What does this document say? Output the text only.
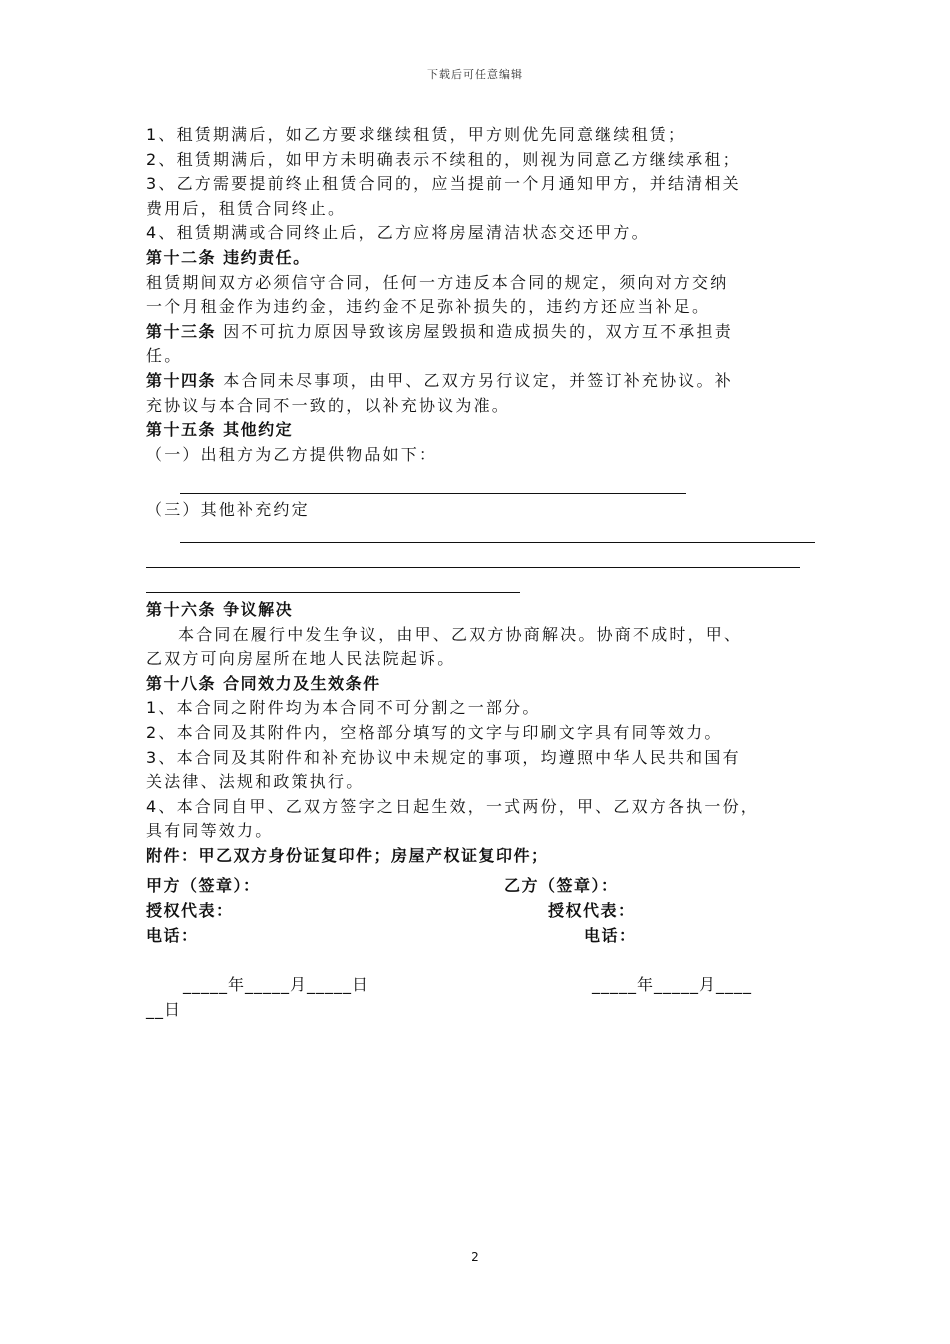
下载后可任意编辑
1、租赁期满后，如乙方要求继续租赁，甲方则优先同意继续租赁；
2、租赁期满后，如甲方未明确表示不续租的，则视为同意乙方继续承租；
3、乙方需要提前终止租赁合同的，应当提前一个月通知甲方，并结清相关
费用后，租赁合同终止。
4、租赁期满或合同终止后，乙方应将房屋清洁状态交还甲方。
第十二条 违约责任。
租赁期间双方必须信守合同，任何一方违反本合同的规定，须向对方交纳
一个月租金作为违约金，违约金不足弥补损失的，违约方还应当补足。
第十三条 因不可抗力原因导致该房屋毁损和造成损失的，双方互不承担责
任。
第十四条 本合同未尽事项，由甲、乙双方另行议定，并签订补充协议。补
充协议与本合同不一致的，以补充协议为准。
第十五条 其他约定
（一）出租方为乙方提供物品如下：
（三）其他补充约定
第十六条 争议解决
本合同在履行中发生争议，由甲、乙双方协商解决。协商不成时，甲、
乙双方可向房屋所在地人民法院起诉。
第十八条 合同效力及生效条件
1、本合同之附件均为本合同不可分割之一部分。
2、本合同及其附件内，空格部分填写的文字与印刷文字具有同等效力。
3、本合同及其附件和补充协议中未规定的事项，均遵照中华人民共和国有
关法律、法规和政策执行。
4、本合同自甲、乙双方签字之日起生效，一式两份，甲、乙双方各执一份，
具有同等效力。
附件：甲乙双方身份证复印件；房屋产权证复印件；
甲方（签章）：	乙方（签章）：
授权代表：	授权代表：
电话：	电话：
_____年_____月_____日	_____年_____月____
__日
2
